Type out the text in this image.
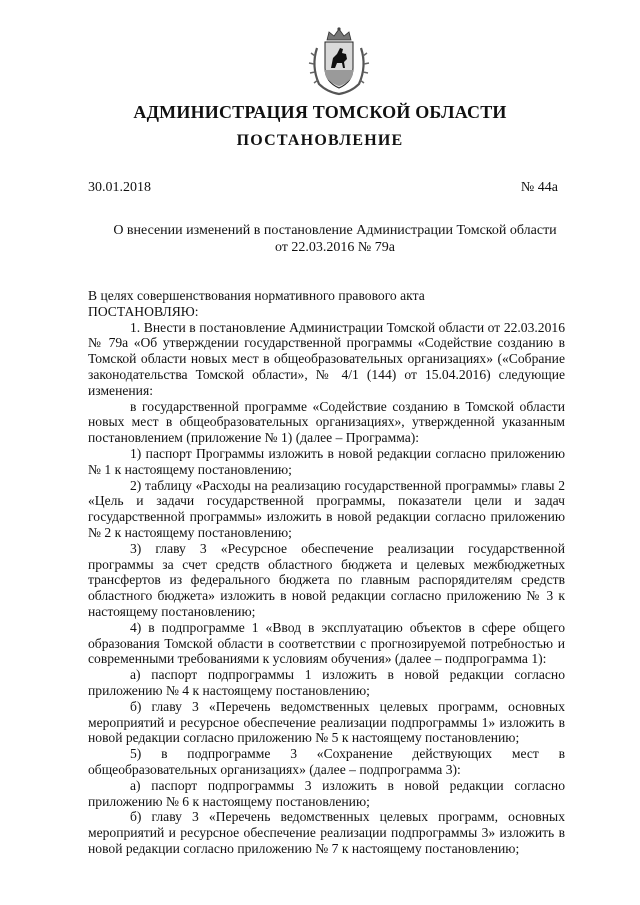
АДМИНИСТРАЦИЯ ТОМСКОЙ ОБЛАСТИ
ПОСТАНОВЛЕНИЕ
30.01.2018	№ 44а
О внесении изменений в постановление Администрации Томской области
от 22.03.2016 № 79а

В целях совершенствования нормативного правового акта

ПОСТАНОВЛЯЮ:

1. Внести в постановление Администрации Томской области от 22.03.2016 № 79а «Об утверждении государственной программы «Содействие созданию в Томской области новых мест в общеобразовательных организациях» («Собрание законодательства Томской области», № 4/1 (144) от 15.04.2016) следующие изменения:

в государственной программе «Содействие созданию в Томской области новых мест в общеобразовательных организациях», утвержденной указанным постановлением (приложение № 1) (далее – Программа):

1) паспорт Программы изложить в новой редакции согласно приложению № 1 к настоящему постановлению;

2) таблицу «Расходы на реализацию государственной программы» главы 2 «Цель и задачи государственной программы, показатели цели и задач государственной программы» изложить в новой редакции согласно приложению № 2 к настоящему постановлению;

3) главу 3 «Ресурсное обеспечение реализации государственной программы за счет средств областного бюджета и целевых межбюджетных трансфертов из федерального бюджета по главным распорядителям средств областного бюджета» изложить в новой редакции согласно приложению № 3 к настоящему постановлению;

4) в подпрограмме 1 «Ввод в эксплуатацию объектов в сфере общего образования Томской области в соответствии с прогнозируемой потребностью и современными требованиями к условиям обучения» (далее – подпрограмма 1):

а) паспорт подпрограммы 1 изложить в новой редакции согласно приложению № 4 к настоящему постановлению;

б) главу 3 «Перечень ведомственных целевых программ, основных мероприятий и ресурсное обеспечение реализации подпрограммы 1» изложить в новой редакции согласно приложению № 5 к настоящему постановлению;

5) в подпрограмме 3 «Сохранение действующих мест в общеобразовательных организациях» (далее – подпрограмма 3):

а) паспорт подпрограммы 3 изложить в новой редакции согласно приложению № 6 к настоящему постановлению;

б) главу 3 «Перечень ведомственных целевых программ, основных мероприятий и ресурсное обеспечение реализации подпрограммы 3» изложить в новой редакции согласно приложению № 7 к настоящему постановлению;
